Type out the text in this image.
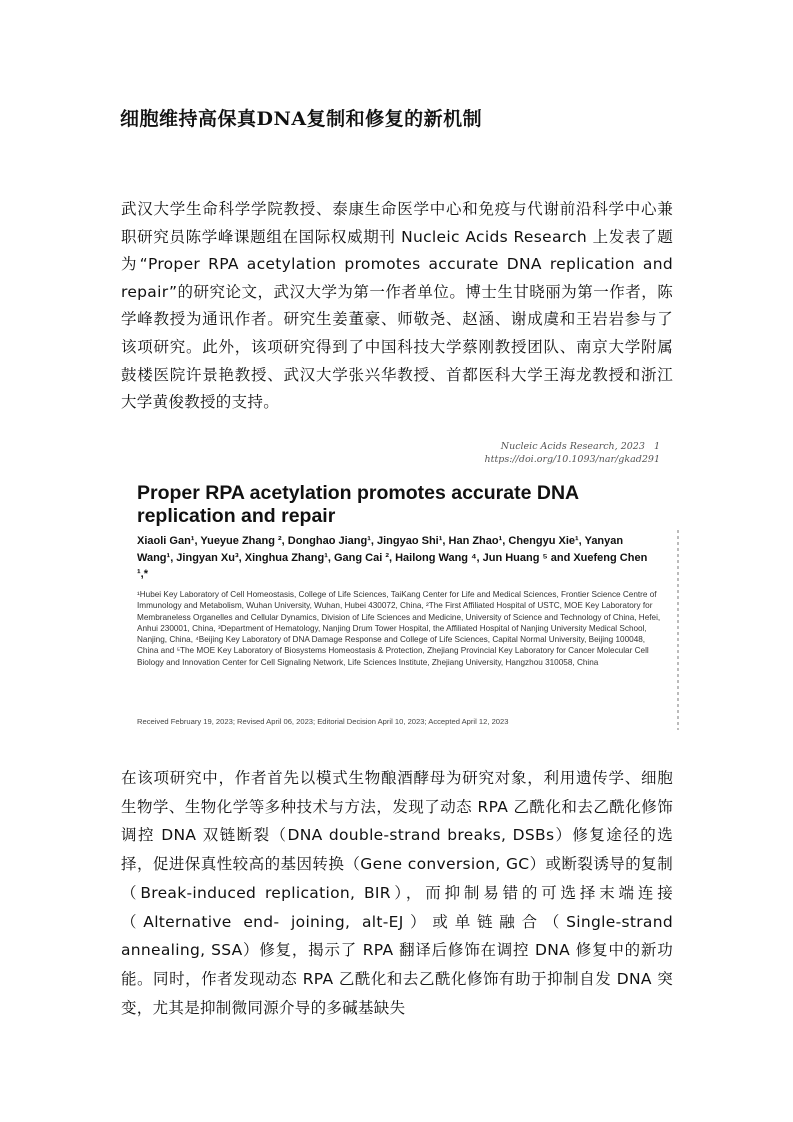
细胞维持高保真DNA复制和修复的新机制
武汉大学生命科学学院教授、泰康生命医学中心和免疫与代谢前沿科学中心兼职研究员陈学峰课题组在国际权威期刊 Nucleic Acids Research 上发表了题为“Proper RPA acetylation promotes accurate DNA replication and repair”的研究论文，武汉大学为第一作者单位。博士生甘晓丽为第一作者，陈学峰教授为通讯作者。研究生姜董豪、师敬尧、赵涵、谢成虞和王岩岩参与了该项研究。此外，该项研究得到了中国科技大学蔡刚教授团队、南京大学附属鼓楼医院许景艳教授、武汉大学张兴华教授、首都医科大学王海龙教授和浙江大学黄俊教授的支持。
Nucleic Acids Research, 2023 1
https://doi.org/10.1093/nar/gkad291
Proper RPA acetylation promotes accurate DNA replication and repair
Xiaoli Gan¹, Yueyue Zhang ², Donghao Jiang¹, Jingyao Shi¹, Han Zhao¹, Chengyu Xie¹, Yanyan Wang¹, Jingyan Xu³, Xinghua Zhang¹, Gang Cai ², Hailong Wang ⁴, Jun Huang ⁵ and Xuefeng Chen ¹,*
¹Hubei Key Laboratory of Cell Homeostasis, College of Life Sciences, TaiKang Center for Life and Medical Sciences, Frontier Science Centre of Immunology and Metabolism, Wuhan University, Wuhan, Hubei 430072, China, ²The First Affiliated Hospital of USTC, MOE Key Laboratory for Membraneless Organelles and Cellular Dynamics, Division of Life Sciences and Medicine, University of Science and Technology of China, Hefei, Anhui 230001, China, ³Department of Hematology, Nanjing Drum Tower Hospital, the Affiliated Hospital of Nanjing University Medical School, Nanjing, China, ⁴Beijing Key Laboratory of DNA Damage Response and College of Life Sciences, Capital Normal University, Beijing 100048, China and ⁵The MOE Key Laboratory of Biosystems Homeostasis & Protection, Zhejiang Provincial Key Laboratory for Cancer Molecular Cell Biology and Innovation Center for Cell Signaling Network, Life Sciences Institute, Zhejiang University, Hangzhou 310058, China
Received February 19, 2023; Revised April 06, 2023; Editorial Decision April 10, 2023; Accepted April 12, 2023
在该项研究中，作者首先以模式生物酿酒酵母为研究对象，利用遗传学、细胞生物学、生物化学等多种技术与方法，发现了动态 RPA 乙酰化和去乙酰化修饰调控 DNA 双链断裂（DNA double-strand breaks, DSBs）修复途径的选择，促进保真性较高的基因转换（Gene conversion, GC）或断裂诱导的复制（Break-induced replication, BIR），而抑制易错的可选择末端连接（Alternative end- joining, alt-EJ）或单链融合（Single-strand annealing, SSA）修复，揭示了 RPA 翻译后修饰在调控 DNA 修复中的新功能。同时，作者发现动态 RPA 乙酰化和去乙酰化修饰有助于抑制自发 DNA 突变，尤其是抑制微同源介导的多碱基缺失
